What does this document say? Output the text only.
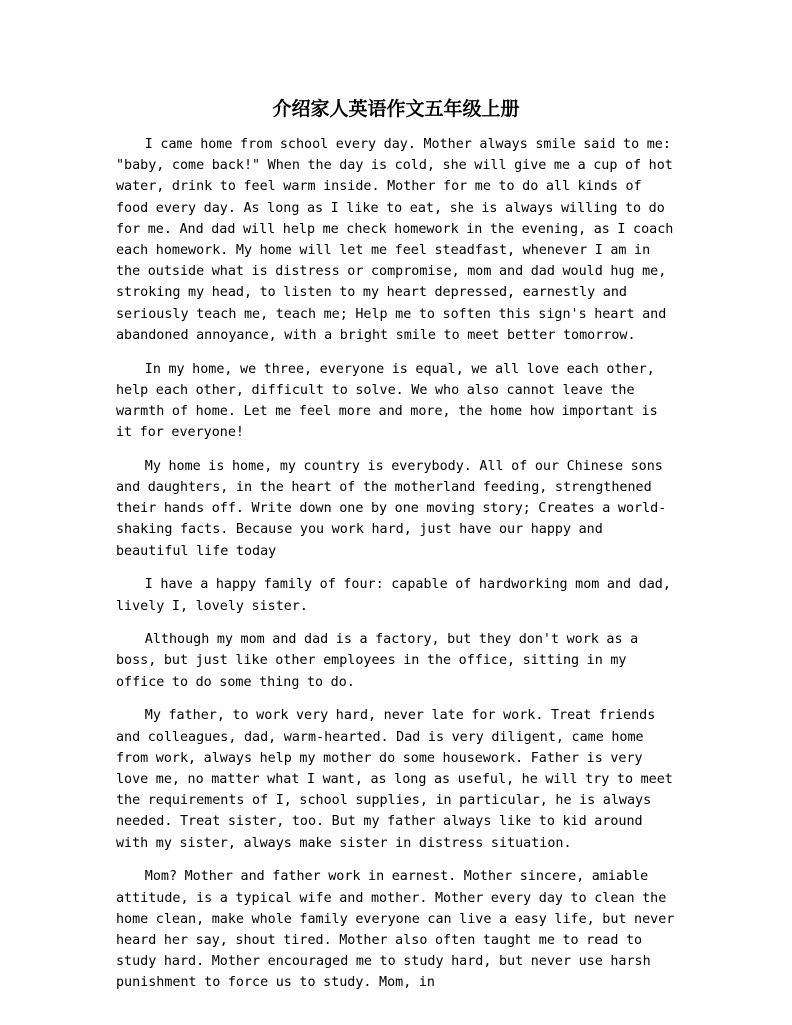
介绍家人英语作文五年级上册

I came home from school every day. Mother always smile said to me: "baby, come back!" When the day is cold, she will give me a cup of hot water, drink to feel warm inside. Mother for me to do all kinds of food every day. As long as I like to eat, she is always willing to do for me. And dad will help me check homework in the evening, as I coach each homework. My home will let me feel steadfast, whenever I am in the outside what is distress or compromise, mom and dad would hug me, stroking my head, to listen to my heart depressed, earnestly and seriously teach me, teach me; Help me to soften this sign's heart and abandoned annoyance, with a bright smile to meet better tomorrow.

In my home, we three, everyone is equal, we all love each other, help each other, difficult to solve. We who also cannot leave the warmth of home. Let me feel more and more, the home how important is it for everyone!

My home is home, my country is everybody. All of our Chinese sons and daughters, in the heart of the motherland feeding, strengthened their hands off. Write down one by one moving story; Creates a world-shaking facts. Because you work hard, just have our happy and beautiful life today

I have a happy family of four: capable of hardworking mom and dad, lively I, lovely sister.

Although my mom and dad is a factory, but they don't work as a boss, but just like other employees in the office, sitting in my office to do some thing to do.

My father, to work very hard, never late for work. Treat friends and colleagues, dad, warm-hearted. Dad is very diligent, came home from work, always help my mother do some housework. Father is very love me, no matter what I want, as long as useful, he will try to meet the requirements of I, school supplies, in particular, he is always needed. Treat sister, too. But my father always like to kid around with my sister, always make sister in distress situation.

Mom? Mother and father work in earnest. Mother sincere, amiable attitude, is a typical wife and mother. Mother every day to clean the home clean, make whole family everyone can live a easy life, but never heard her say, shout tired. Mother also often taught me to read to study hard. Mother encouraged me to study hard, but never use harsh punishment to force us to study. Mom, in
